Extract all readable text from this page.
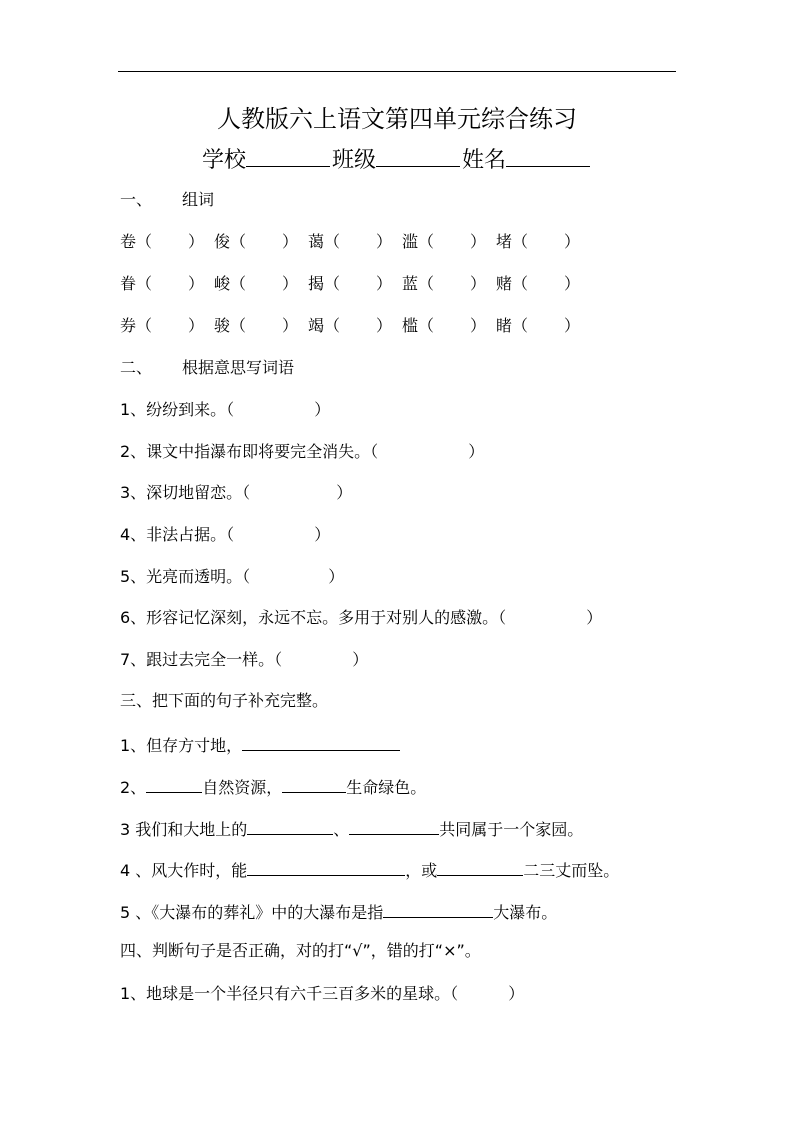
人教版六上语文第四单元综合练习
学校	班级	姓名
一、 组词
卷（ ） 俊（ ） 蔼（ ） 滥（ ） 堵（ ）
眷（ ） 峻（ ） 揭（ ） 蓝（ ） 赌（ ）
券（ ） 骏（ ） 竭（ ） 槛（ ） 睹（ ）
二、 根据意思写词语
1、纷纷到来。（	）
2、课文中指瀑布即将要完全消失。（	）
3、深切地留恋。（	）
4、非法占据。（	）
5、光亮而透明。（	）
6、形容记忆深刻，永远不忘。多用于对别人的感激。（	）
7、跟过去完全一样。（	）
三、把下面的句子补充完整。
1、但存方寸地，
2、	自然资源，	生命绿色。
3 我们和大地上的	、	共同属于一个家园。
4 、风大作时，能	，或	二三丈而坠。
5 、《大瀑布的葬礼》中的大瀑布是指	大瀑布。
四、判断句子是否正确，对的打“√”，错的打“×”。
1、地球是一个半径只有六千三百多米的星球。（	）
